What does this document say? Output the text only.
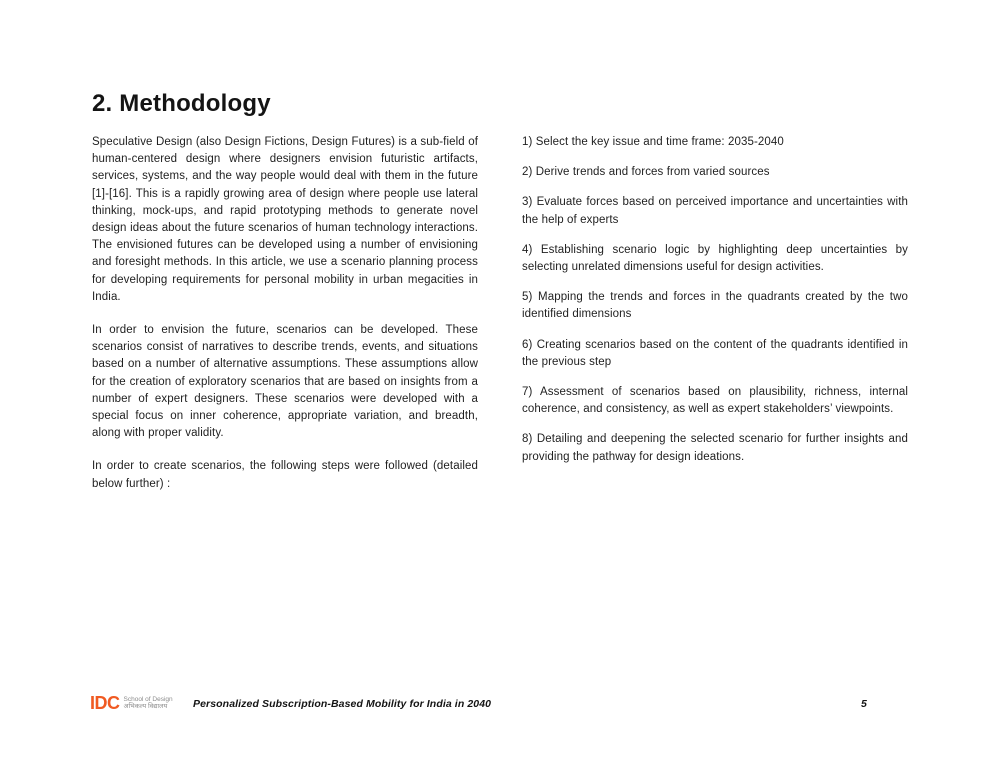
2. Methodology

Speculative Design (also Design Fictions, Design Futures) is a sub-field of human-centered design where designers envision futuristic artifacts, services, systems, and the way people would deal with them in the future [1]-[16]. This is a rapidly growing area of design where people use lateral thinking, mock-ups, and rapid prototyping methods to generate novel design ideas about the future scenarios of human technology interactions. The envisioned futures can be developed using a number of envisioning and foresight methods. In this article, we use a scenario planning process for developing requirements for personal mobility in urban megacities in India.

In order to envision the future, scenarios can be developed. These scenarios consist of narratives to describe trends, events, and situations based on a number of alternative assumptions. These assumptions allow for the creation of exploratory scenarios that are based on insights from a number of expert designers. These scenarios were developed with a special focus on inner coherence, appropriate variation, and breadth, along with proper validity.

In order to create scenarios, the following steps were followed (detailed below further) :

1) Select the key issue and time frame: 2035-2040

2) Derive trends and forces from varied sources

3) Evaluate forces based on perceived importance and uncertainties with the help of experts

4) Establishing scenario logic by highlighting deep uncertainties by selecting unrelated dimensions useful for design activities.

5) Mapping the trends and forces in the quadrants created by the two identified dimensions

6) Creating scenarios based on the content of the quadrants identified in the previous step

7) Assessment of scenarios based on plausibility, richness, internal coherence, and consistency, as well as expert stakeholders’ viewpoints.

8) Detailing and deepening the selected scenario for further insights and providing the pathway for design ideations.

IDC School of Design
अभिकल्प विद्यालय	Personalized Subscription-Based Mobility for India in 2040	5
